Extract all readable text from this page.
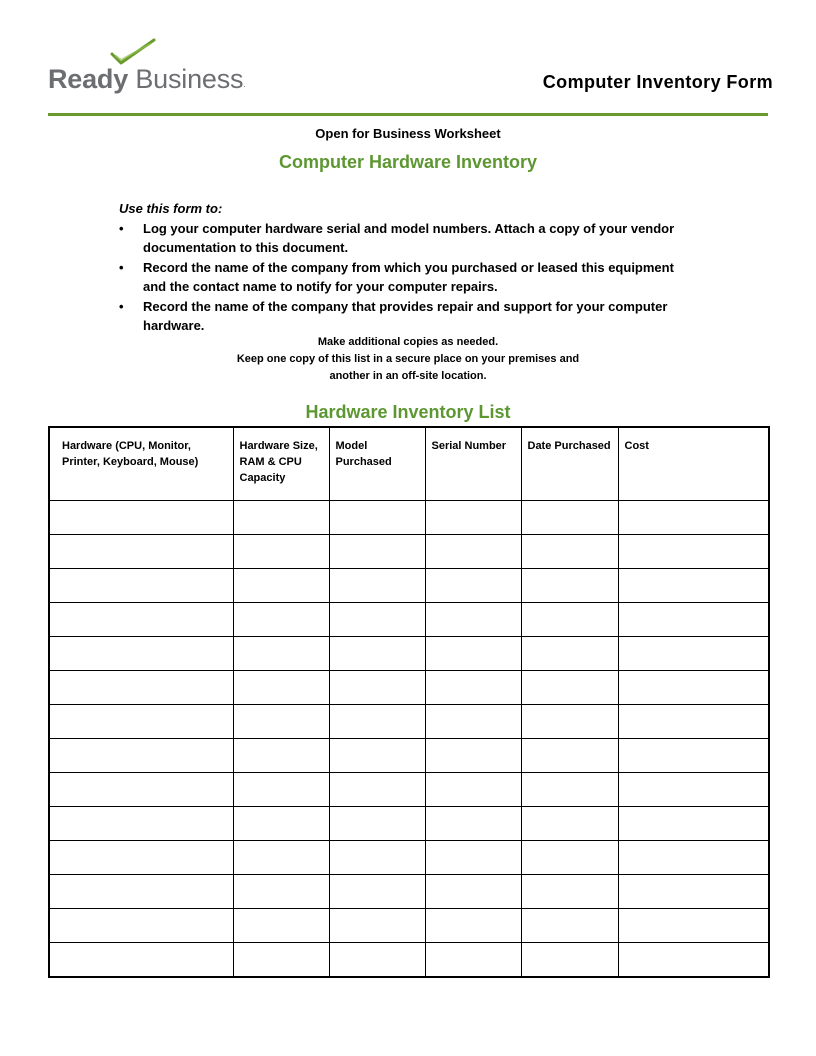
Ready Business.	Computer Inventory Form
Open for Business Worksheet
Computer Hardware Inventory
Use this form to:
• Log your computer hardware serial and model numbers. Attach a copy of your vendor documentation to this document.
• Record the name of the company from which you purchased or leased this equipment and the contact name to notify for your computer repairs.
• Record the name of the company that provides repair and support for your computer hardware.
Make additional copies as needed.
Keep one copy of this list in a secure place on your premises and
another in an off-site location.
Hardware Inventory List
Hardware (CPU, Monitor, Printer, Keyboard, Mouse)	Hardware Size, RAM & CPU Capacity	Model Purchased	Serial Number	Date Purchased	Cost
